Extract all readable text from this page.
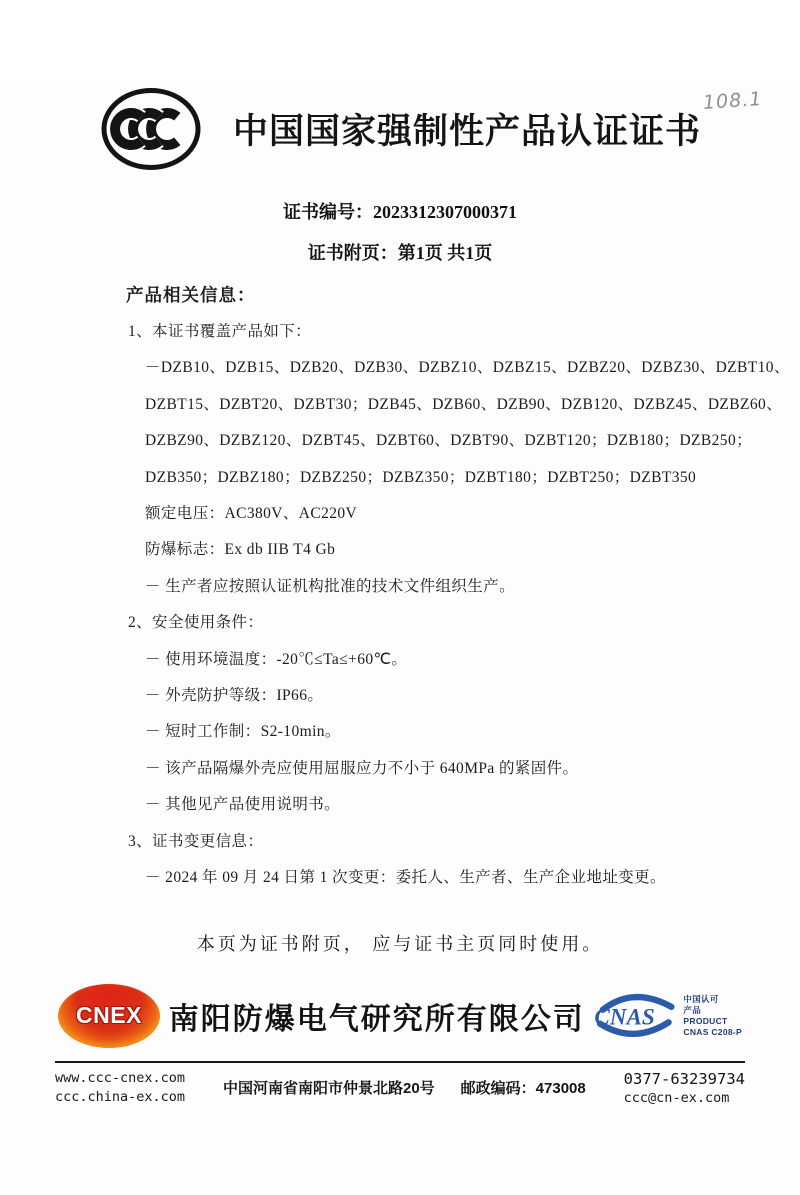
108.1
中国国家强制性产品认证证书
证书编号：2023312307000371
证书附页：第1页 共1页
产品相关信息：

1、本证书覆盖产品如下：

－DZB10、DZB15、DZB20、DZB30、DZBZ10、DZBZ15、DZBZ20、DZBZ30、DZBT10、

DZBT15、DZBT20、DZBT30；DZB45、DZB60、DZB90、DZB120、DZBZ45、DZBZ60、

DZBZ90、DZBZ120、DZBT45、DZBT60、DZBT90、DZBT120；DZB180；DZB250；

DZB350；DZBZ180；DZBZ250；DZBZ350；DZBT180；DZBT250；DZBT350

额定电压：AC380V、AC220V

防爆标志：Ex db IIB T4 Gb

－ 生产者应按照认证机构批准的技术文件组织生产。

2、安全使用条件：

－ 使用环境温度：-20℃≤Ta≤+60℃。

－ 外壳防护等级：IP66。

－ 短时工作制：S2-10min。

－ 该产品隔爆外壳应使用屈服应力不小于 640MPa 的紧固件。

－ 其他见产品使用说明书。

3、证书变更信息：

－ 2024 年 09 月 24 日第 1 次变更：委托人、生产者、生产企业地址变更。

本页为证书附页， 应与证书主页同时使用。
CNEX 南阳防爆电气研究所有限公司 CNAS
中国认可
产品
PRODUCT
CNAS C208-P
www.ccc-cnex.com
ccc.china-ex.com	中国河南省南阳市仲景北路20号 邮政编码：473008
0377-63239734
ccc@cn-ex.com
